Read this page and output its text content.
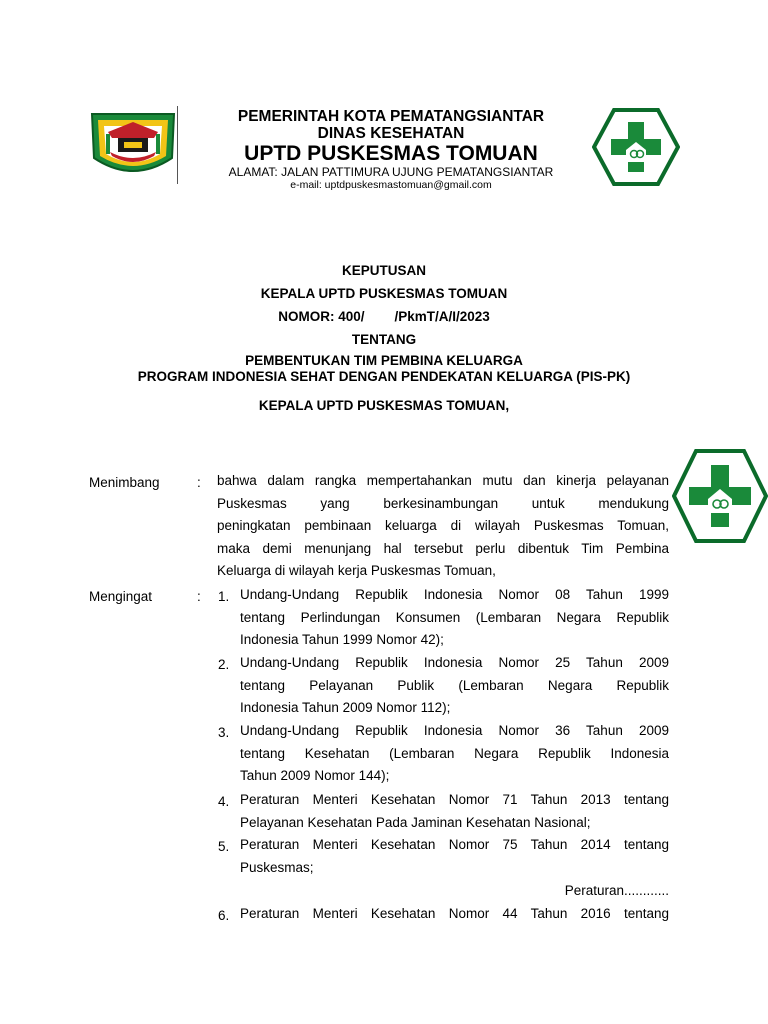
PEMERINTAH KOTA PEMATANGSIANTAR
DINAS KESEHATAN
UPTD PUSKESMAS TOMUAN
ALAMAT: JALAN PATTIMURA UJUNG PEMATANGSIANTAR
e-mail: uptdpuskesmastomuan@gmail.com
KEPUTUSAN
KEPALA UPTD PUSKESMAS TOMUAN
NOMOR: 400/        /PkmT/A/I/2023
TENTANG
PEMBENTUKAN TIM PEMBINA KELUARGA
PROGRAM INDONESIA SEHAT DENGAN PENDEKATAN KELUARGA (PIS-PK)
KEPALA UPTD PUSKESMAS TOMUAN,
Menimbang	: bahwa dalam rangka mempertahankan mutu dan kinerja pelayanan
Puskesmas yang berkesinambungan untuk mendukung
peningkatan pembinaan keluarga di wilayah Puskesmas Tomuan,
maka demi menunjang hal tersebut perlu dibentuk Tim Pembina
Keluarga di wilayah kerja Puskesmas Tomuan,
Mengingat	: 1. Undang-Undang Republik Indonesia Nomor 08 Tahun 1999
tentang Perlindungan Konsumen (Lembaran Negara Republik
Indonesia Tahun 1999 Nomor 42);
2. Undang-Undang Republik Indonesia Nomor 25 Tahun 2009
tentang Pelayanan Publik (Lembaran Negara Republik
Indonesia Tahun 2009 Nomor 112);
3. Undang-Undang Republik Indonesia Nomor 36 Tahun 2009
tentang Kesehatan (Lembaran Negara Republik Indonesia
Tahun 2009 Nomor 144);
4. Peraturan Menteri Kesehatan Nomor 71 Tahun 2013 tentang
Pelayanan Kesehatan Pada Jaminan Kesehatan Nasional;
5. Peraturan Menteri Kesehatan Nomor 75 Tahun 2014 tentang
Puskesmas;
Peraturan............
6. Peraturan Menteri Kesehatan Nomor 44 Tahun 2016 tentang
